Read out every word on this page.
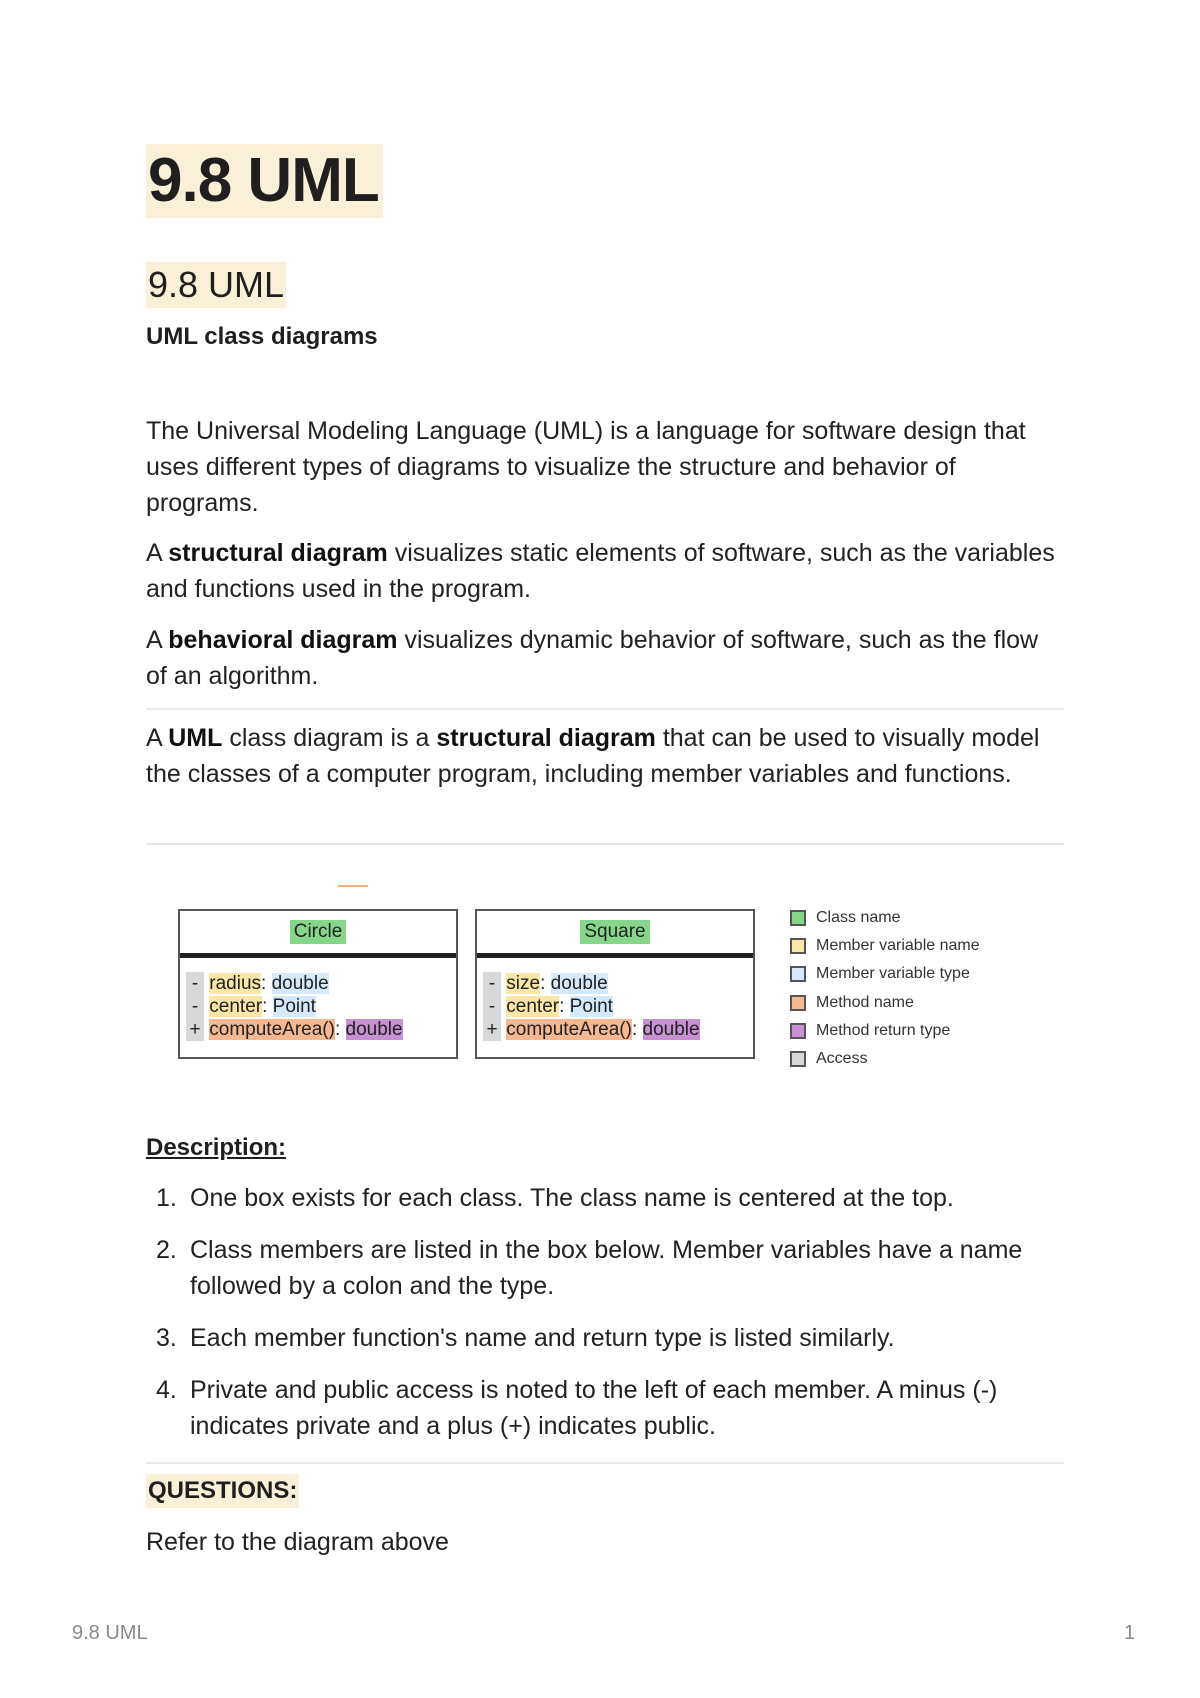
9.8 UML
9.8 UML
UML class diagrams

The Universal Modeling Language (UML) is a language for software design that uses different types of diagrams to visualize the structure and behavior of programs.

A structural diagram visualizes static elements of software, such as the variables and functions used in the program.

A behavioral diagram visualizes dynamic behavior of software, such as the flow of an algorithm.

A UML class diagram is a structural diagram that can be used to visually model the classes of a computer program, including member variables and functions.

Circle
- radius: double
- center: Point
+ computeArea(): double
Square
- size: double
- center: Point
+ computeArea(): double
Class name
Member variable name
Member variable type
Method name
Method return type
Access
Description:
1. One box exists for each class. The class name is centered at the top.
2. Class members are listed in the box below. Member variables have a name followed by a colon and the type.
3. Each member function's name and return type is listed similarly.
4. Private and public access is noted to the left of each member. A minus (-) indicates private and a plus (+) indicates public.
QUESTIONS:

Refer to the diagram above

9.8 UML	1
